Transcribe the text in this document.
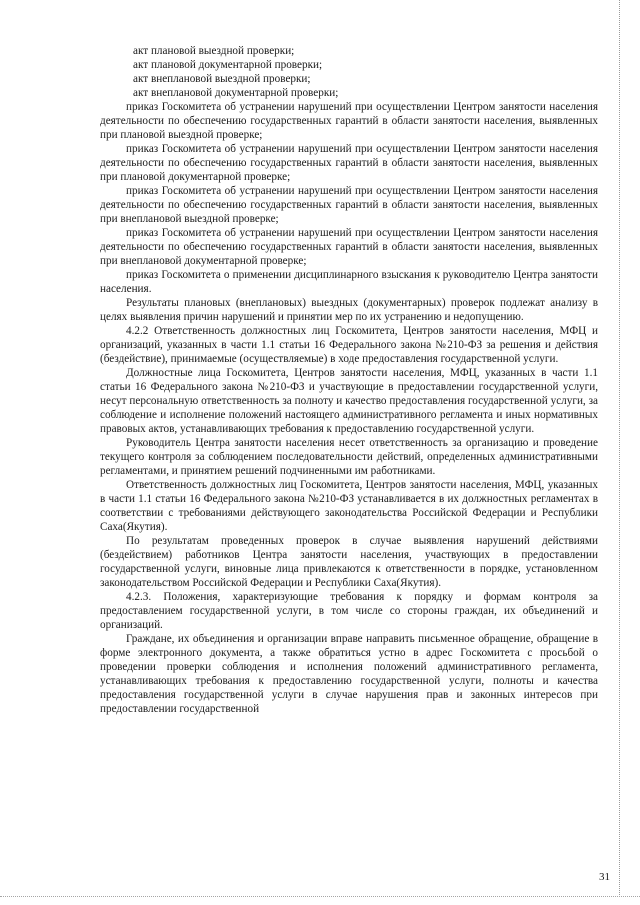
акт плановой выездной проверки;

акт плановой документарной проверки;

акт внеплановой выездной проверки;

акт внеплановой документарной проверки;

приказ Госкомитета об устранении нарушений при осуществлении Центром занятости населения деятельности по обеспечению государственных гарантий в области занятости населения, выявленных при плановой выездной проверке;

приказ Госкомитета об устранении нарушений при осуществлении Центром занятости населения деятельности по обеспечению государственных гарантий в области занятости населения, выявленных при плановой документарной проверке;

приказ Госкомитета об устранении нарушений при осуществлении Центром занятости населения деятельности по обеспечению государственных гарантий в области занятости населения, выявленных при внеплановой выездной проверке;

приказ Госкомитета об устранении нарушений при осуществлении Центром занятости населения деятельности по обеспечению государственных гарантий в области занятости населения, выявленных при внеплановой документарной проверке;

приказ Госкомитета о применении дисциплинарного взыскания к руководителю Центра занятости населения.

Результаты плановых (внеплановых) выездных (документарных) проверок подлежат анализу в целях выявления причин нарушений и принятии мер по их устранению и недопущению.

4.2.2 Ответственность должностных лиц Госкомитета, Центров занятости населения, МФЦ и организаций, указанных в части 1.1 статьи 16 Федерального закона №210-ФЗ за решения и действия (бездействие), принимаемые (осуществляемые) в ходе предоставления государственной услуги.

Должностные лица Госкомитета, Центров занятости населения, МФЦ, указанных в части 1.1 статьи 16 Федерального закона №210-ФЗ и участвующие в предоставлении государственной услуги, несут персональную ответственность за полноту и качество предоставления государственной услуги, за соблюдение и исполнение положений настоящего административного регламента и иных нормативных правовых актов, устанавливающих требования к предоставлению государственной услуги.

Руководитель Центра занятости населения несет ответственность за организацию и проведение текущего контроля за соблюдением последовательности действий, определенных административными регламентами, и принятием решений подчиненными им работниками.

Ответственность должностных лиц Госкомитета, Центров занятости населения, МФЦ, указанных в части 1.1 статьи 16 Федерального закона №210-ФЗ устанавливается в их должностных регламентах в соответствии с требованиями действующего законодательства Российской Федерации и Республики Саха(Якутия).

По результатам проведенных проверок в случае выявления нарушений действиями (бездействием) работников Центра занятости населения, участвующих в предоставлении государственной услуги, виновные лица привлекаются к ответственности в порядке, установленном законодательством Российской Федерации и Республики Саха(Якутия).

4.2.3. Положения, характеризующие требования к порядку и формам контроля за предоставлением государственной услуги, в том числе со стороны граждан, их объединений и организаций.

Граждане, их объединения и организации вправе направить письменное обращение, обращение в форме электронного документа, а также обратиться устно в адрес Госкомитета с просьбой о проведении проверки соблюдения и исполнения положений административного регламента, устанавливающих требования к предоставлению государственной услуги, полноты и качества предоставления государственной услуги в случае нарушения прав и законных интересов при предоставлении государственной

31
